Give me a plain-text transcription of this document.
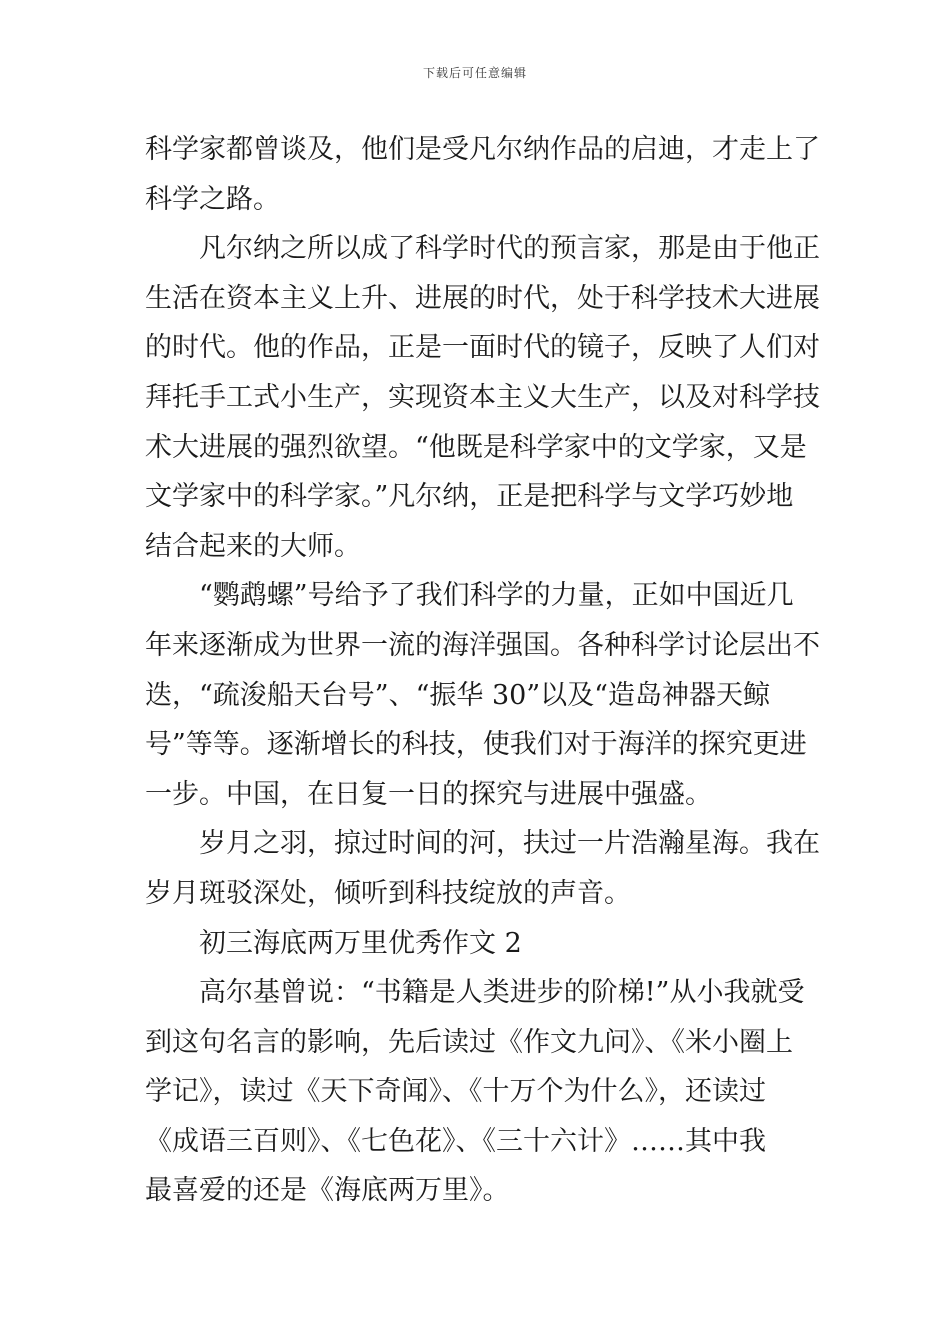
下载后可任意编辑
科学家都曾谈及，他们是受凡尔纳作品的启迪，才走上了
科学之路。
凡尔纳之所以成了科学时代的预言家，那是由于他正
生活在资本主义上升、进展的时代，处于科学技术大进展
的时代。他的作品，正是一面时代的镜子，反映了人们对
拜托手工式小生产，实现资本主义大生产，以及对科学技
术大进展的强烈欲望。“他既是科学家中的文学家，又是
文学家中的科学家。”凡尔纳，正是把科学与文学巧妙地
结合起来的大师。
“鹦鹉螺”号给予了我们科学的力量，正如中国近几
年来逐渐成为世界一流的海洋强国。各种科学讨论层出不
迭，“疏浚船天台号”、“振华 30”以及“造岛神器天鲸
号”等等。逐渐增长的科技，使我们对于海洋的探究更进
一步。中国，在日复一日的探究与进展中强盛。
岁月之羽，掠过时间的河，扶过一片浩瀚星海。我在
岁月斑驳深处，倾听到科技绽放的声音。
初三海底两万里优秀作文 2
高尔基曾说：“书籍是人类进步的阶梯!”从小我就受
到这句名言的影响，先后读过《作文九问》、《米小圈上
学记》，读过《天下奇闻》、《十万个为什么》，还读过
《成语三百则》、《七色花》、《三十六计》……其中我
最喜爱的还是《海底两万里》。
